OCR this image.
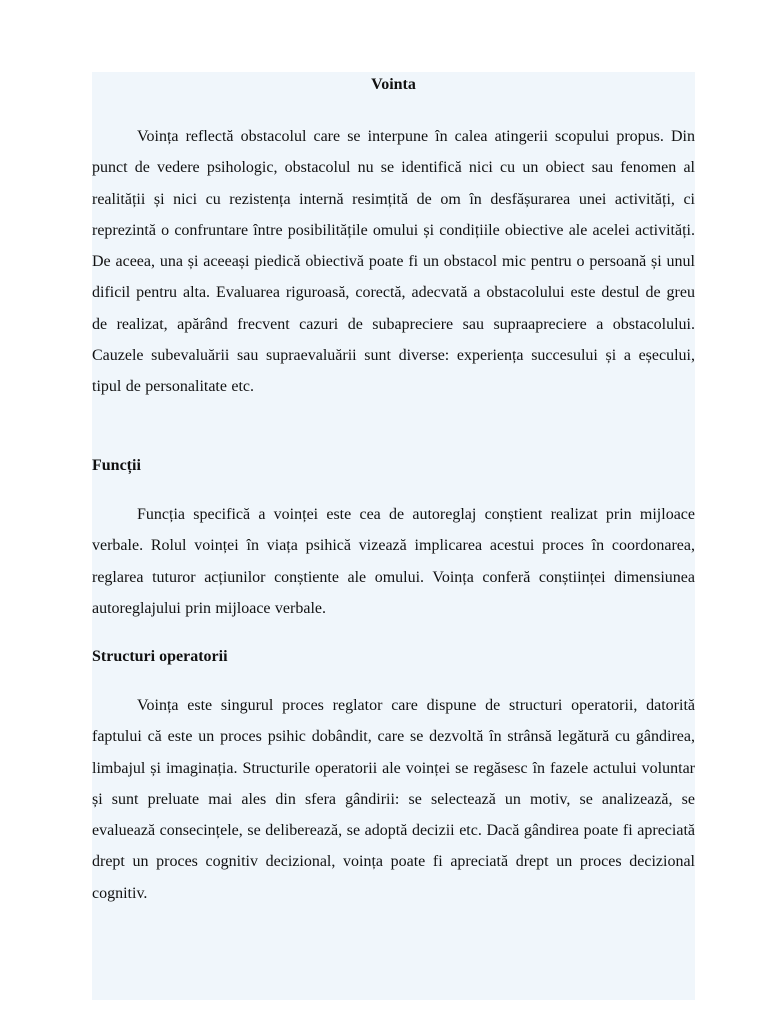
Vointa

Voința reflectă obstacolul care se interpune în calea atingerii scopului propus. Din punct de vedere psihologic, obstacolul nu se identifică nici cu un obiect sau fenomen al realității și nici cu rezistența internă resimțită de om în desfășurarea unei activități, ci reprezintă o confruntare între posibilitățile omului și condițiile obiective ale acelei activități. De aceea, una și aceeași piedică obiectivă poate fi un obstacol mic pentru o persoană și unul dificil pentru alta. Evaluarea riguroasă, corectă, adecvată a obstacolului este destul de greu de realizat, apărând frecvent cazuri de subapreciere sau supraapreciere a obstacolului. Cauzele subevaluării sau supraevaluării sunt diverse: experiența succesului și a eșecului, tipul de personalitate etc.

Funcții

Funcția specifică a voinței este cea de autoreglaj conștient realizat prin mijloace verbale. Rolul voinței în viața psihică vizează implicarea acestui proces în coordonarea, reglarea tuturor acțiunilor conștiente ale omului. Voința conferă conștiinței dimensiunea autoreglajului prin mijloace verbale.

Structuri operatorii

Voința este singurul proces reglator care dispune de structuri operatorii, datorită faptului că este un proces psihic dobândit, care se dezvoltă în strânsă legătură cu gândirea, limbajul și imaginația. Structurile operatorii ale voinței se regăsesc în fazele actului voluntar și sunt preluate mai ales din sfera gândirii: se selectează un motiv, se analizează, se evaluează consecințele, se deliberează, se adoptă decizii etc. Dacă gândirea poate fi apreciată drept un proces cognitiv decizional, voința poate fi apreciată drept un proces decizional cognitiv.
